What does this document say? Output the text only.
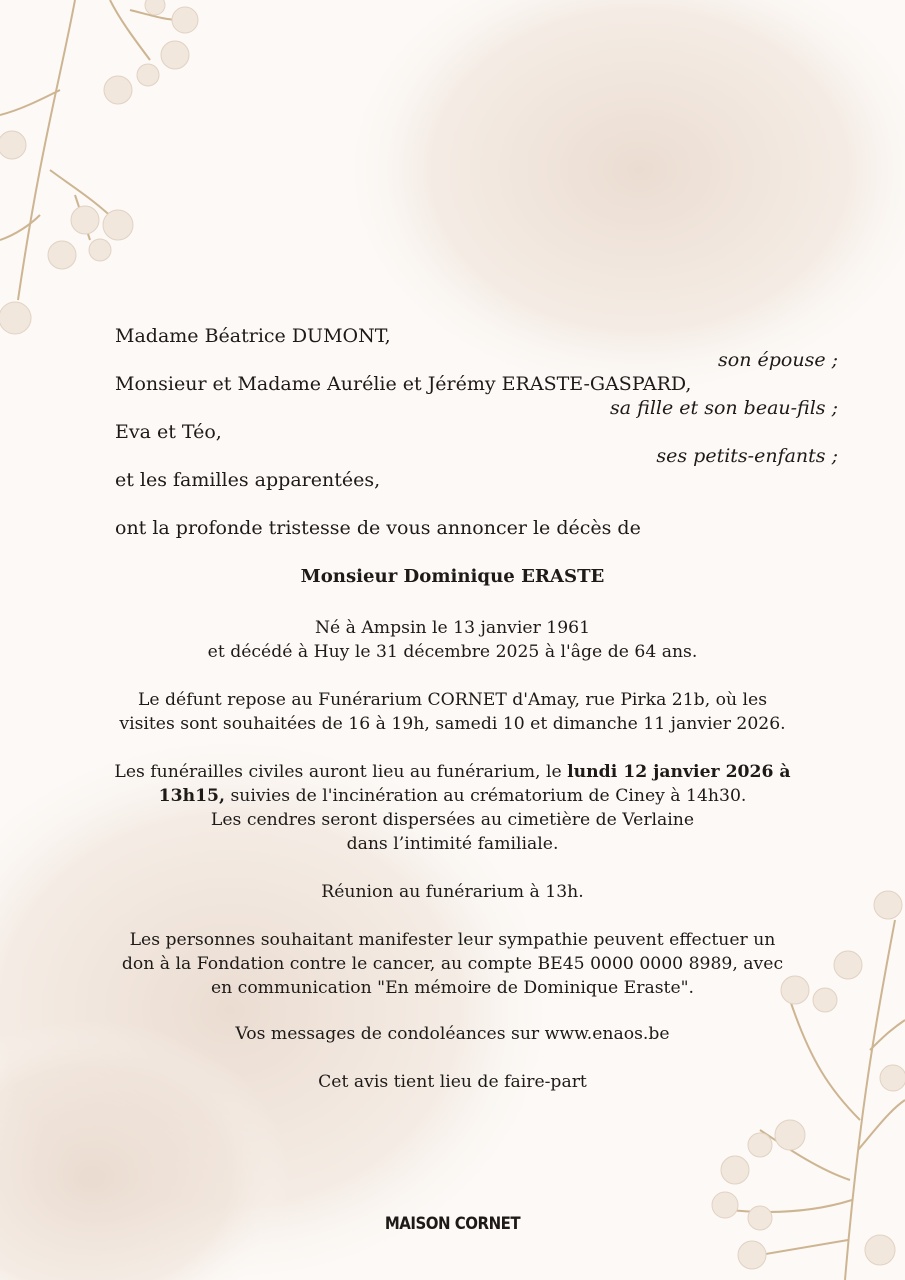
Madame Béatrice DUMONT,

son épouse ;

Monsieur et Madame Aurélie et Jérémy ERASTE-GASPARD,

sa fille et son beau-fils ;

Eva et Téo,

ses petits-enfants ;

et les familles apparentées,

ont la profonde tristesse de vous annoncer le décès de

Monsieur Dominique ERASTE

Né à Ampsin le 13 janvier 1961

et décédé à Huy le 31 décembre 2025 à l'âge de 64 ans.

Le défunt repose au Funérarium CORNET d'Amay, rue Pirka 21b, où les

visites sont souhaitées de 16 à 19h, samedi 10 et dimanche 11 janvier 2026.

Les funérailles civiles auront lieu au funérarium, le lundi 12 janvier 2026 à

13h15, suivies de l'incinération au crématorium de Ciney à 14h30.

Les cendres seront dispersées au cimetière de Verlaine

dans l’intimité familiale.

Réunion au funérarium à 13h.

Les personnes souhaitant manifester leur sympathie peuvent effectuer un

don à la Fondation contre le cancer, au compte BE45 0000 0000 8989, avec

en communication "En mémoire de Dominique Eraste".

Vos messages de condoléances sur www.enaos.be

Cet avis tient lieu de faire-part

MAISON CORNET
